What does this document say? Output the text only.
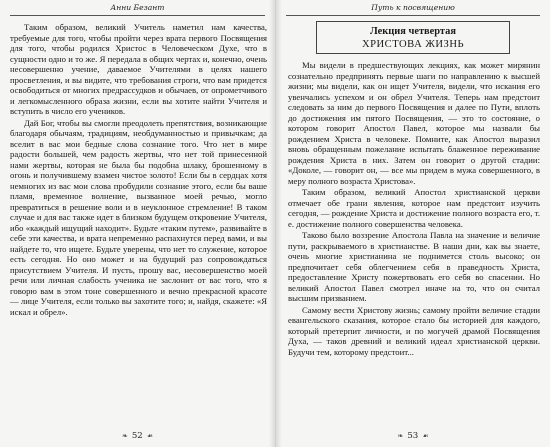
Анни Безант

Таким образом, великий Учитель наметил нам качества, требуемые для того, чтобы пройти через врата первого Посвящения для того, чтобы родился Христос в Человеческом Духе, что в сущности одно и то же. Я передала в общих чертах и, конечно, очень несовершенно учение, даваемое Учителями в целях нашего просветления, и вы видите, что требования строги, что вам придется освободиться от многих предрассудков и обычаев, от опрометчивого и легкомысленного образа жизни, если вы хотите найти Учителя и вступить в число его учеников.

Дай Бог, чтобы вы смогли преодолеть препятствия, возникающие благодаря обычаям, традициям, необдуманностью и привычкам; да вселит в вас мои бедные слова сознание того. Что нет в мире радости большей, чем радость жертвы, что нет той принесенной нами жертвы, которая не была бы подобна шлаку, брошенному в огонь и получившему взамен чистое золото! Если бы в сердцах хотя немногих из вас мои слова пробудили сознание этого, если бы ваше пламя, временное волнение, вызванное моей речью, могло превратиться в решение воли и в неуклонное стремление! В таком случае и для вас также идет в близком будущем откровение Учителя, ибо «каждый ищущий находит». Будьте «таким путем», развивайте в себе эти качества, и врата непременно распахнутся перед вами, и вы найдете то, что ищете. Будьте уверены, что нет то служение, которое есть сегодня. Но оно может и на будущий раз сопровождаться присутствием Учителя. И пусть, прошу вас, несовершенство моей речи или личная слабость ученика не заслонит от вас того, что я говорю вам в этом тоне совершенного и вечно прекрасной красоте — лице Учителя, если только вы захотите того; и, найдя, скажете: «Я искал и обрел».

❧ 52 ☙
Путь к посвящению
Лекция четвертая
ХРИСТОВА ЖИЗНЬ

Мы видели в предшествующих лекциях, как может мирянин сознательно предпринять первые шаги по направлению к высшей жизни; мы видели, как он ищет Учителя, видели, что искания его увенчались успехом и он обрел Учителя. Теперь нам предстоит следовать за ним до первого Посвящения и далее по Пути, вплоть до достижения им пятого Посвящения, — это то состояние, о котором говорит Апостол Павел, которое мы назвали бы рождением Христа в человеке. Помните, как Апостол выразил вновь обращенным пожелание испытать блаженное переживание рождения Христа в них. Затем он говорит о другой стадии: «Доколе, — говорит он, — все мы придем в мужа совершенного, в меру полного возраста Христова».

Таким образом, великий Апостол христианской церкви отмечает обе грани явления, которое нам предстоит изучить сегодня, — рождение Христа и достижение полного возраста его, т. е. достижение полного совершенства человека.

Таково было воззрение Апостола Павла на значение и величие пути, раскрываемого в христианстве. В наши дни, как вы знаете, очень многие христианина не поднимется столь высоко; он предпочитает себя облегчением себя в праведность Христа, предоставление Христу пожертвовать его себя во спасении. Но великий Апостол Павел смотрел иначе на то, что он считал высшим призванием.

Самому вести Христову жизнь; самому пройти величие стадии евангельского сказания, которое стало бы историей для каждого, который претерпит личности, и по могучей драмой Посвящения Духа, — таков древний и великий идеал христианской церкви. Будучи тем, которому предстоит...

❧ 53 ☙
